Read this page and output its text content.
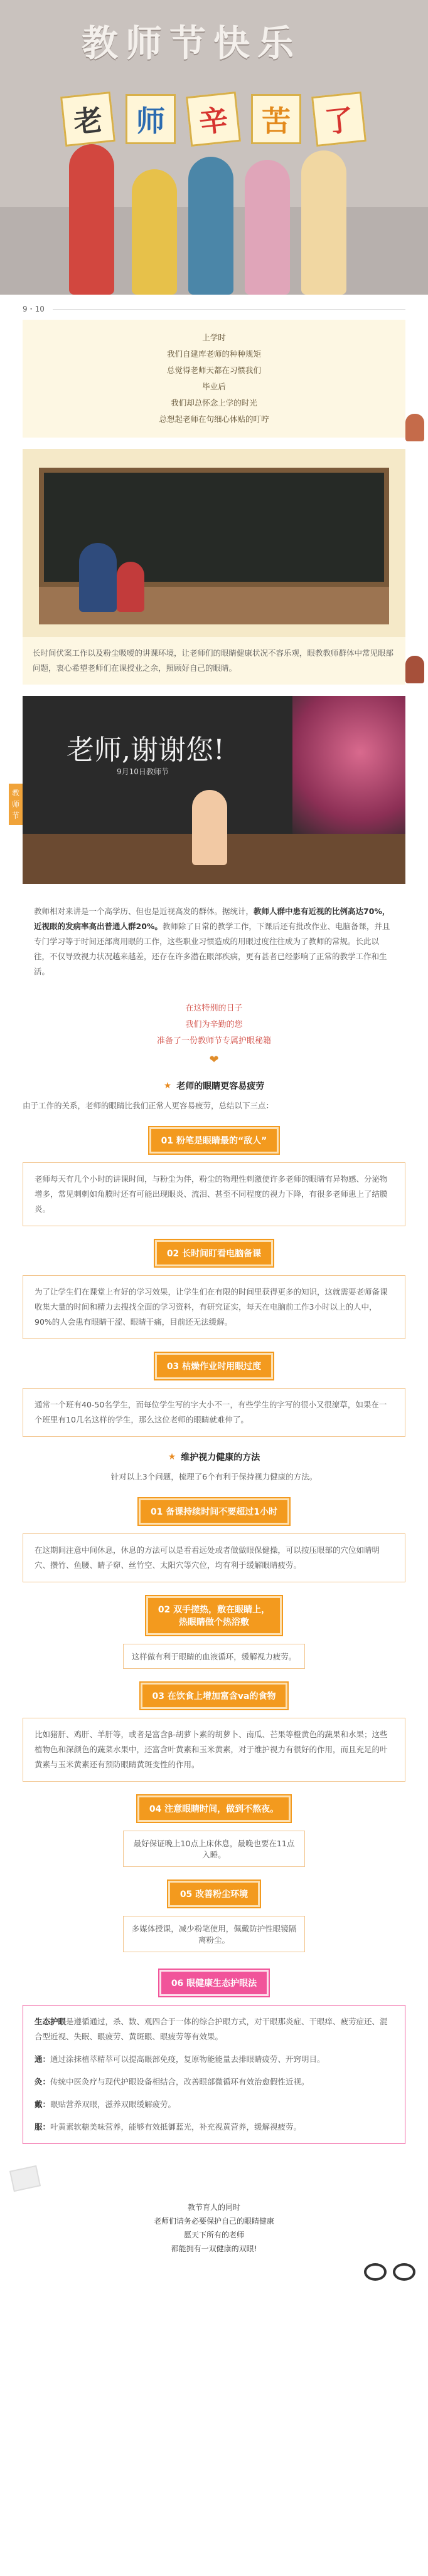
教师节快乐
老	师	辛	苦	了
9・10
上学时
我们自建库老师的种种规矩
总觉得老师天都在习惯我们
毕业后
我们却总怀念上学的时光
总想起老师在句细心体贴的叮咛
长时间伏案工作以及粉尘吸嗳的讲课环境，让老师们的眼睛健康状况不容乐观，眼教教师群体中常见眼部问题，衷心希望老师们在课授业之余，照顾好自己的眼睛。
老师,谢谢您!
9月10日教师节
教师节
教师相对来讲是一个高学历、但也是近视高发的群体。据统计，教师人群中患有近视的比例高达70%，近视眼的发病率高出普通人群20%。教师除了日常的教学工作，下课后还有批改作业、电脑备课，并且专门学习等于时间还部离用眼的工作，这些职业习惯造成的用眼过度往往成为了教师的常规。长此以往，不仅导致视力状况越来越差，还存在许多潜在眼部疾病，更有甚者已经影响了正常的教学工作和生活。
在这特别的日子
我们为辛勤的您
准备了一份教师节专属护眼秘籍
❤
★ 老师的眼睛更容易疲劳
由于工作的关系，老师的眼睛比我们正常人更容易疲劳，总结以下三点：
01 粉笔是眼睛最的“敌人”
老师每天有几个小时的讲课时间，与粉尘为伴，粉尘的物理性刺激使许多老师的眼睛有异物感、分泌物增多，常见刺刺如角膜时还有可能出现眼炎、流泪、甚至不同程度的视力下降，有很多老师患上了结膜炎。
02 长时间盯看电脑备课
为了让学生们在课堂上有好的学习效果，让学生们在有限的时间里获得更多的知识，这就需要老师备课收集大量的时间和精力去搜找全面的学习资料，有研究证实，每天在电脑前工作3小时以上的人中，90%的人会患有眼睛干涩、眼睛干痛，目前还无法缓解。
03 枯燥作业时用眼过度
通常一个班有40-50名学生，而每位学生写的字大小不一，有些学生的字写的很小又很潦草，如果在一个班里有10几名这样的学生，那么这位老师的眼睛就难伸了。
★ 维护视力健康的方法
针对以上3个问题，梳理了6个有利于保持视力健康的方法。
01 备课持续时间不要超过1小时
在这期间注意中间休息，休息的方法可以是看看远处或者做做眼保健操，可以按压眼部的穴位如睛明穴、攒竹、鱼腰、睛子窌、丝竹空、太阳穴等穴位，均有利于缓解眼睛疲劳。
02 双手搓热，敷在眼睛上，
热眼睛做个热浴敷
这样做有利于眼睛的血液循环，缓解视力疲劳。
03 在饮食上增加富含va的食物
比如猪肝、鸡肝、羊肝等，或者是富含β-胡萝卜素的胡萝卜、南瓜、芒果等橙黄色的蔬果和水果；这些植物色和深颜色的蔬菜水果中，还富含叶黄素和玉米黄素，对于维护视力有很好的作用，而且充足的叶黄素与玉米黄素还有预防眼睛黄斑变性的作用。
04 注意眼睛时间，做到不熬夜。
最好保证晚上10点上床休息，最晚也要在11点入睡。
05 改善粉尘环境
多媒体授课，减少粉笔使用，佩戴防护性眼镜隔离粉尘。
06 眼健康生态护眼法
生态护眼是遵循通过，杀、数、观四合于一体的综合护眼方式，对干眼那炎症、干眼痒、疲劳症还、混合型近视、失眠、眼疲劳、黄斑眼、眼疲劳等有效果。
通：通过涂抹植萃精萃可以提高眼部免疫，复原物能能量去排眼睛疲劳、开窍明目。
灸：传统中医灸疗与现代护眼设备相结合，改善眼部微循环有效治愈假性近视。
戴：眼贴营养双眼，滋养双眼缓解疲劳。
服：叶黄素软糖美味营养，能够有效抵御蓝光，补充视黄营养，缓解视疲劳。
教节育人的同时
老师们请务必要保护自己的眼睛健康
愿天下所有的老师
都能拥有一双健康的双眼!
